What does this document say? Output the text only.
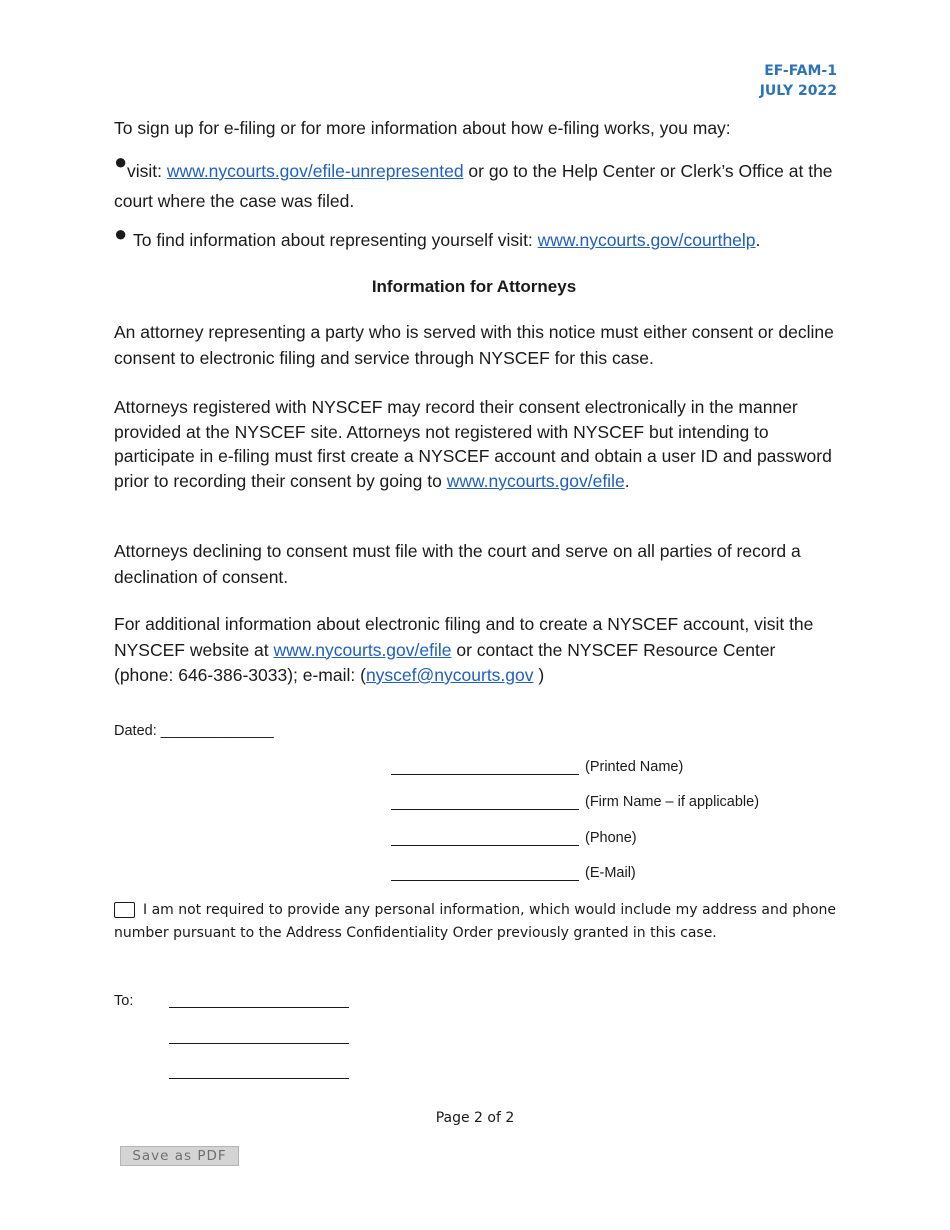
EF-FAM-1
JULY 2022

To sign up for e-filing or for more information about how e-filing works, you may:

● visit: www.nycourts.gov/efile-unrepresented or go to the Help Center or Clerk’s Office at the court where the case was filed.

● To find information about representing yourself visit: www.nycourts.gov/courthelp.

Information for Attorneys

An attorney representing a party who is served with this notice must either consent or decline consent to electronic filing and service through NYSCEF for this case.

Attorneys registered with NYSCEF may record their consent electronically in the manner provided at the NYSCEF site. Attorneys not registered with NYSCEF but intending to participate in e-filing must first create a NYSCEF account and obtain a user ID and password prior to recording their consent by going to www.nycourts.gov/efile.

Attorneys declining to consent must file with the court and serve on all parties of record a declination of consent.

For additional information about electronic filing and to create a NYSCEF account, visit the NYSCEF website at www.nycourts.gov/efile or contact the NYSCEF Resource Center (phone: 646-386-3033); e-mail: (nyscef@nycourts.gov )

Dated: ______________
(Printed Name)
(Firm Name – if applicable)
(Phone)
(E-Mail)

I am not required to provide any personal information, which would include my address and phone number pursuant to the Address Confidentiality Order previously granted in this case.

To:
Page 2 of 2
Save as PDF
